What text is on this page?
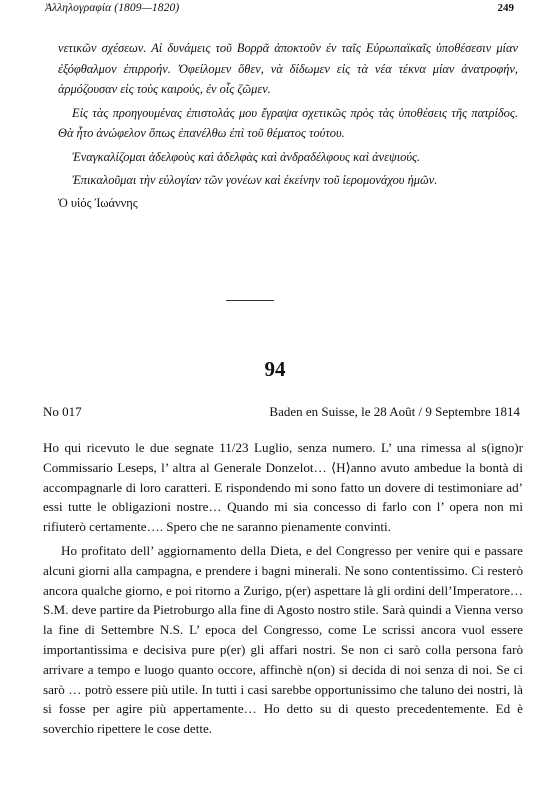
Ἀλληλογραφία (1809—1820)	249

νετικῶν σχέσεων. Αἱ δυνάμεις τοῦ Βορρᾶ ἀποκτοῦν ἐν ταῖς Εὐρωπαϊκαῖς ὑποθέσεσιν μίαν ἐξόφθαλμον ἐπιρροήν. Ὀφείλομεν ὅθεν, νὰ δίδωμεν εἰς τὰ νέα τέκνα μίαν ἀνατροφήν, ἁρμόζουσαν εἰς τοὺς καιρούς, ἐν οἷς ζῶμεν.

Εἰς τὰς προηγουμένας ἐπιστολάς μου ἔγραψα σχετικῶς πρὸς τὰς ὑποθέσεις τῆς πατρίδος. Θὰ ἦτο ἀνώφελον ὅπως ἐπανέλθω ἐπὶ τοῦ θέματος τούτου.

Ἐναγκαλίζομαι ἀδελφοὺς καὶ ἀδελφὰς καὶ ἀνδραδέλφους καὶ ἀνεψιούς.

Ἐπικαλοῦμαι τὴν εὐλογίαν τῶν γονέων καὶ ἐκείνην τοῦ ἱερομονάχου ἡμῶν.

Ὁ υἱός Ἰωάννης

94
No 017	Baden en Suisse, le 28 Août / 9 Septembre 1814

Ho qui ricevuto le due segnate 11/23 Luglio, senza numero. L’ una rimessa al s(igno)r Commissario Leseps, l’ altra al Generale Donzelot… ⟨H⟩anno avuto ambedue la bontà di accompagnarle di loro caratteri. E rispondendo mi sono fatto un dovere di testimoniare ad’ essi tutte le obligazioni nostre… Quando mi sia concesso di farlo con l’ opera non mi rifiuterò certamente…. Spero che ne saranno pienamente convinti.

Ho profitato dell’ aggiornamento della Dieta, e del Congresso per venire qui e passare alcuni giorni alla campagna, e prendere i bagni minerali. Ne sono contentissimo. Ci resterò ancora qualche giorno, e poi ritorno a Zurigo, p(er) aspettare là gli ordini dell’Imperatore… S.M. deve partire da Pietroburgo alla fine di Agosto nostro stile. Sarà quindi a Vienna verso la fine di Settembre N.S. L’ epoca del Congresso, come Le scrissi ancora vuol essere importantissima e decisiva pure p(er) gli affari nostri. Se non ci sarò colla persona farò arrivare a tempo e luogo quanto occore, affinchè n(on) si decida di noi senza di noi. Se ci sarò … potrò essere più utile. In tutti i casi sarebbe opportunissimo che taluno dei nostri, là si fosse per agire più appertamente… Ho detto su di questo precedentemente. Ed è soverchio ripettere le cose dette.
